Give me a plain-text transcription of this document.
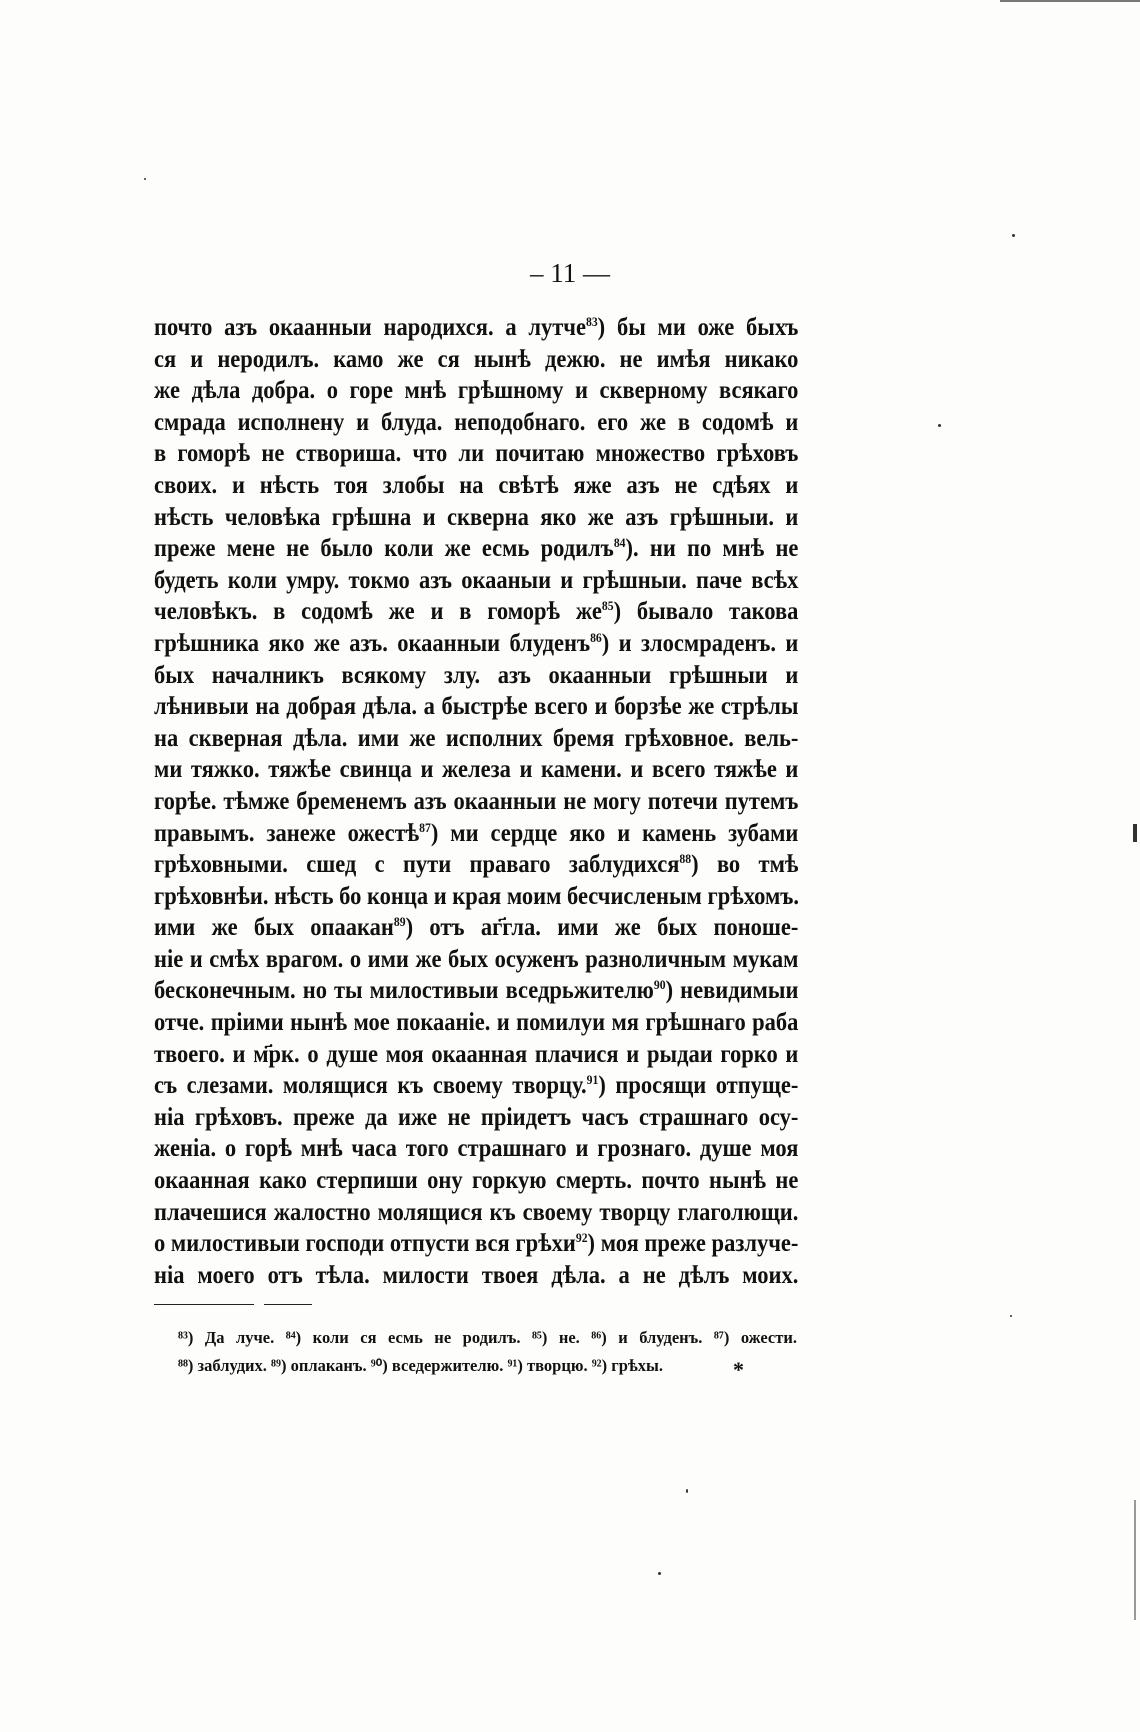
– 11 —
почто азъ окаанныи народихся. а лутче$^{83}$) бы ми оже быхъ
ся и неродилъ. камо же ся нынѣ дежю. не имѣя никако
же дѣла добра. о горе мнѣ грѣшному и скверному всякаго
смрада исполнену и блуда. неподобнаго. его же в содомѣ и
в гоморѣ не створиша. что ли почитаю множество грѣховъ
своих. и нѣсть тоя злобы на свѣтѣ яже азъ не сдѣях и
нѣсть человѣка грѣшна и скверна яко же азъ грѣшныи. и
преже мене не было коли же есмь родилъ$^{84}$). ни по мнѣ не
будеть коли умру. токмо азъ окааныи и грѣшныи. паче всѣх
человѣкъ. в содомѣ же и в гоморѣ $же^{85}$) бывало такова
грѣшника яко же азъ. окаанныи блуденъ$^{86}$) и злосмраденъ. и
бых началникъ всякому злу. азъ окаанныи грѣшныи и
лѣнивыи на добрая дѣла. а быстрѣе всего и борзѣе же стрѣлы
на скверная дѣла. ими же исполних бремя грѣховное. вель-
ми тяжко. тяжѣе свинца и железа и камени. и всего тяжѣе и
горѣе. тѣмже бременемъ азъ окаанныи не могу потечи путемъ
правымъ. занеже ожестѣ$^{87}$) ми сердце яко и камень зубами
грѣховными. сшед с пути праваго заблудихся$^{88}$) во тмѣ
грѣховнѣи. нѣсть бо конца и края моим бесчисленым грѣхомъ.
ими же бых опаакан$^{89}$) отъ аг҃гла. ими же бых поноше-
ніе и смѣх врагом. о ими же бых осуженъ разноличным мукам
бесконечным. но ты милостивыи вседрьжителю$^{90}$) невидимыи
отче. пріими нынѣ мое покааніе. и помилуи мя грѣшнаго раба
твоего. и м҃рк. о душе моя окаанная плачися и рыдаи горко и
съ слезами. молящися къ своему творцу.$^{91}$) просящи отпуще-
ніа грѣховъ. преже да иже не пріидетъ часъ страшнаго осу-
женіа. о горѣ мнѣ часа того страшнаго и грознаго. душе моя
окаанная како стерпиши ону горкую смерть. почто нынѣ не
плачешися жалостно молящися къ своему творцу глаголющи.
о милостивыи господи отпусти вся грѣхи$^{92}$) моя преже разлуче-
ніа моего отъ тѣла. милости твоея дѣла. а не дѣлъ моих.
⁸³) Да луче. ⁸⁴) коли ся есмь не родилъ. ⁸⁵) не. ⁸⁶) и блуденъ. ⁸⁷) ожести.
⁸⁸) заблудих. ⁸⁹) оплаканъ. ⁹⁰) вседержителю. ⁹¹) творцю. ⁹²) грѣхы.	*
